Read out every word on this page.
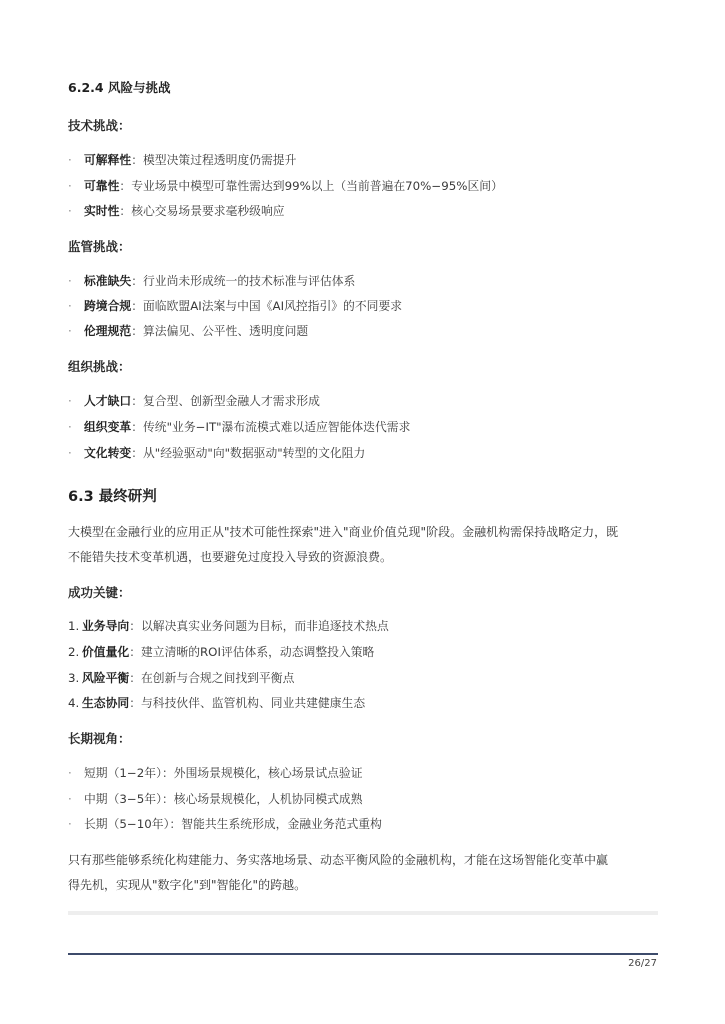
6.2.4 风险与挑战
技术挑战：
· 可解释性：模型决策过程透明度仍需提升
· 可靠性：专业场景中模型可靠性需达到99%以上（当前普遍在70%−95%区间）
· 实时性：核心交易场景要求毫秒级响应
监管挑战：
· 标准缺失：行业尚未形成统一的技术标准与评估体系
· 跨境合规：面临欧盟AI法案与中国《AI风控指引》的不同要求
· 伦理规范：算法偏见、公平性、透明度问题
组织挑战：
· 人才缺口：复合型、创新型金融人才需求形成
· 组织变革：传统"业务−IT"瀑布流模式难以适应智能体迭代需求
· 文化转变：从"经验驱动"向"数据驱动"转型的文化阻力
6.3 最终研判
大模型在金融行业的应用正从"技术可能性探索"进入"商业价值兑现"阶段。金融机构需保持战略定力，既
不能错失技术变革机遇，也要避免过度投入导致的资源浪费。
成功关键：
1. 业务导向：以解决真实业务问题为目标，而非追逐技术热点
2. 价值量化：建立清晰的ROI评估体系，动态调整投入策略
3. 风险平衡：在创新与合规之间找到平衡点
4. 生态协同：与科技伙伴、监管机构、同业共建健康生态
长期视角：
· 短期（1−2年）：外围场景规模化，核心场景试点验证
· 中期（3−5年）：核心场景规模化，人机协同模式成熟
· 长期（5−10年）：智能共生系统形成，金融业务范式重构
只有那些能够系统化构建能力、务实落地场景、动态平衡风险的金融机构，才能在这场智能化变革中赢
得先机，实现从"数字化"到"智能化"的跨越。
26/27
